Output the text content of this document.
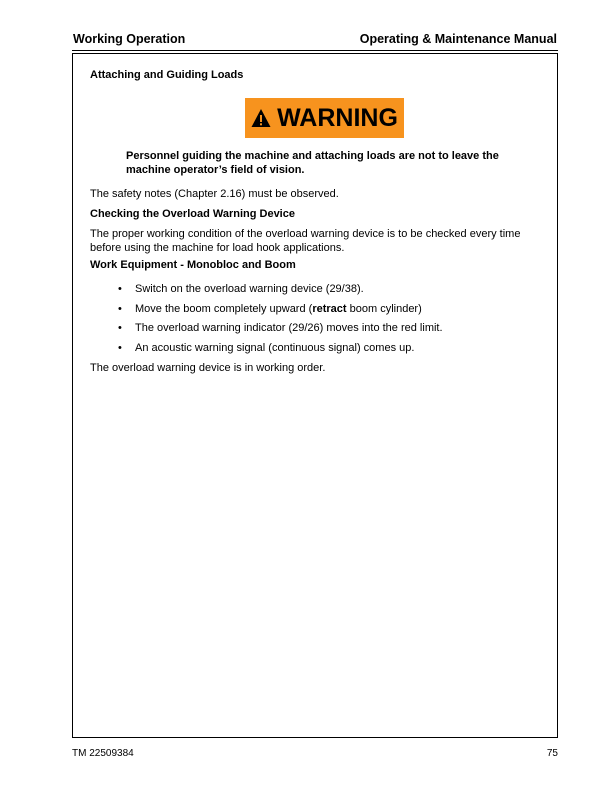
Working Operation	Operating & Maintenance Manual
Attaching and Guiding Loads
WARNING
Personnel guiding the machine and attaching loads are not to leave the machine operator’s field of vision.
The safety notes (Chapter 2.16) must be observed.
Checking the Overload Warning Device
The proper working condition of the overload warning device is to be checked every time before using the machine for load hook applications.
Work Equipment - Monobloc and Boom
• Switch on the overload warning device (29/38).
• Move the boom completely upward (retract boom cylinder)
• The overload warning indicator (29/26) moves into the red limit.
• An acoustic warning signal (continuous signal) comes up.
The overload warning device is in working order.
TM 22509384	75
